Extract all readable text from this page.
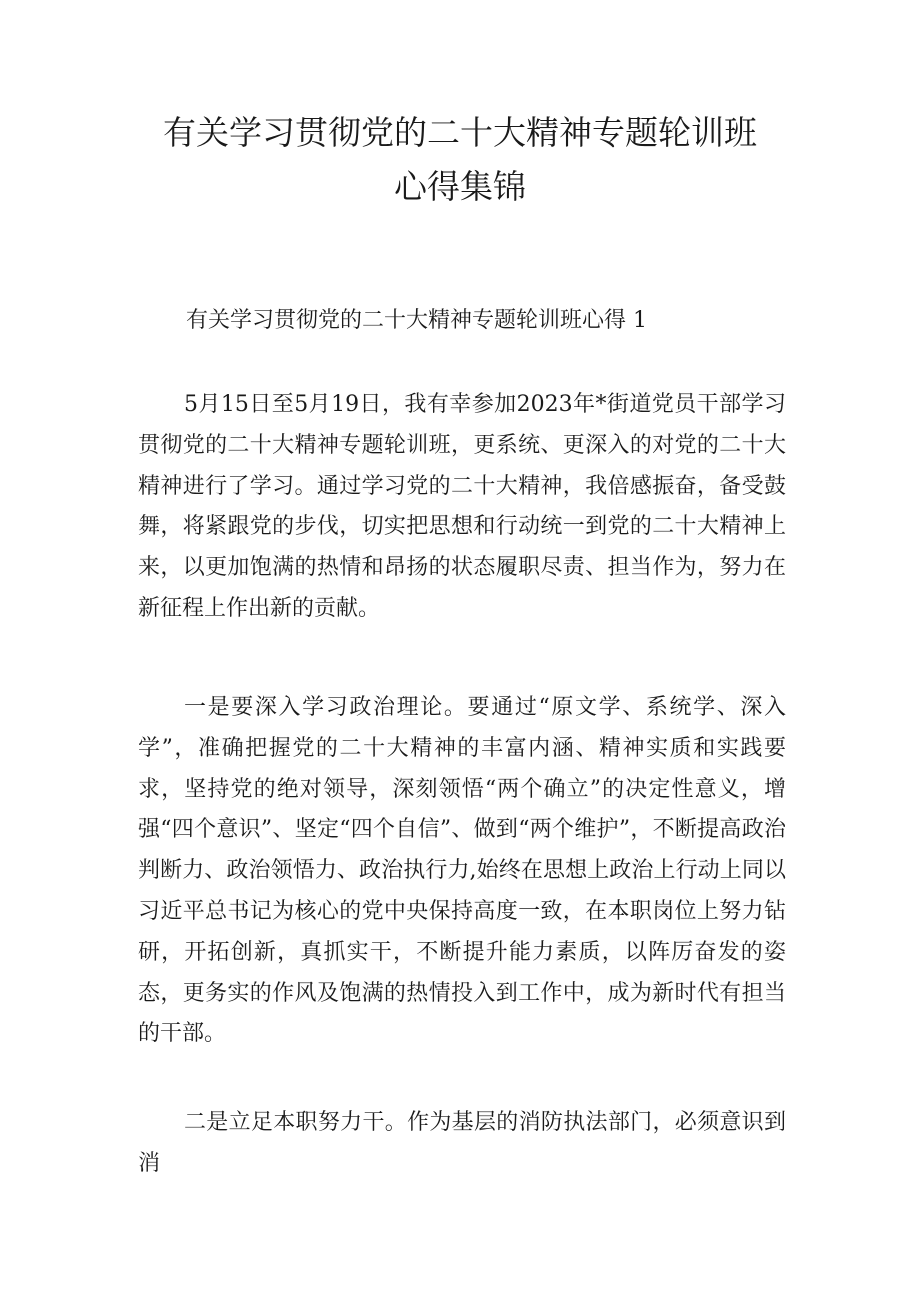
有关学习贯彻党的二十大精神专题轮训班
心得集锦

有关学习贯彻党的二十大精神专题轮训班心得 1

5月15日至5月19日，我有幸参加2023年*街道党员干部学习贯彻党的二十大精神专题轮训班，更系统、更深入的对党的二十大精神进行了学习。通过学习党的二十大精神，我倍感振奋，备受鼓舞，将紧跟党的步伐，切实把思想和行动统一到党的二十大精神上来，以更加饱满的热情和昂扬的状态履职尽责、担当作为，努力在新征程上作出新的贡献。

一是要深入学习政治理论。要通过“原文学、系统学、深入学”，准确把握党的二十大精神的丰富内涵、精神实质和实践要求，坚持党的绝对领导，深刻领悟“两个确立”的决定性意义，增强“四个意识”、坚定“四个自信”、做到“两个维护”，不断提高政治判断力、政治领悟力、政治执行力,始终在思想上政治上行动上同以习近平总书记为核心的党中央保持高度一致，在本职岗位上努力钻研，开拓创新，真抓实干，不断提升能力素质，以阵厉奋发的姿态，更务实的作风及饱满的热情投入到工作中，成为新时代有担当的干部。

二是立足本职努力干。作为基层的消防执法部门，必须意识到消
